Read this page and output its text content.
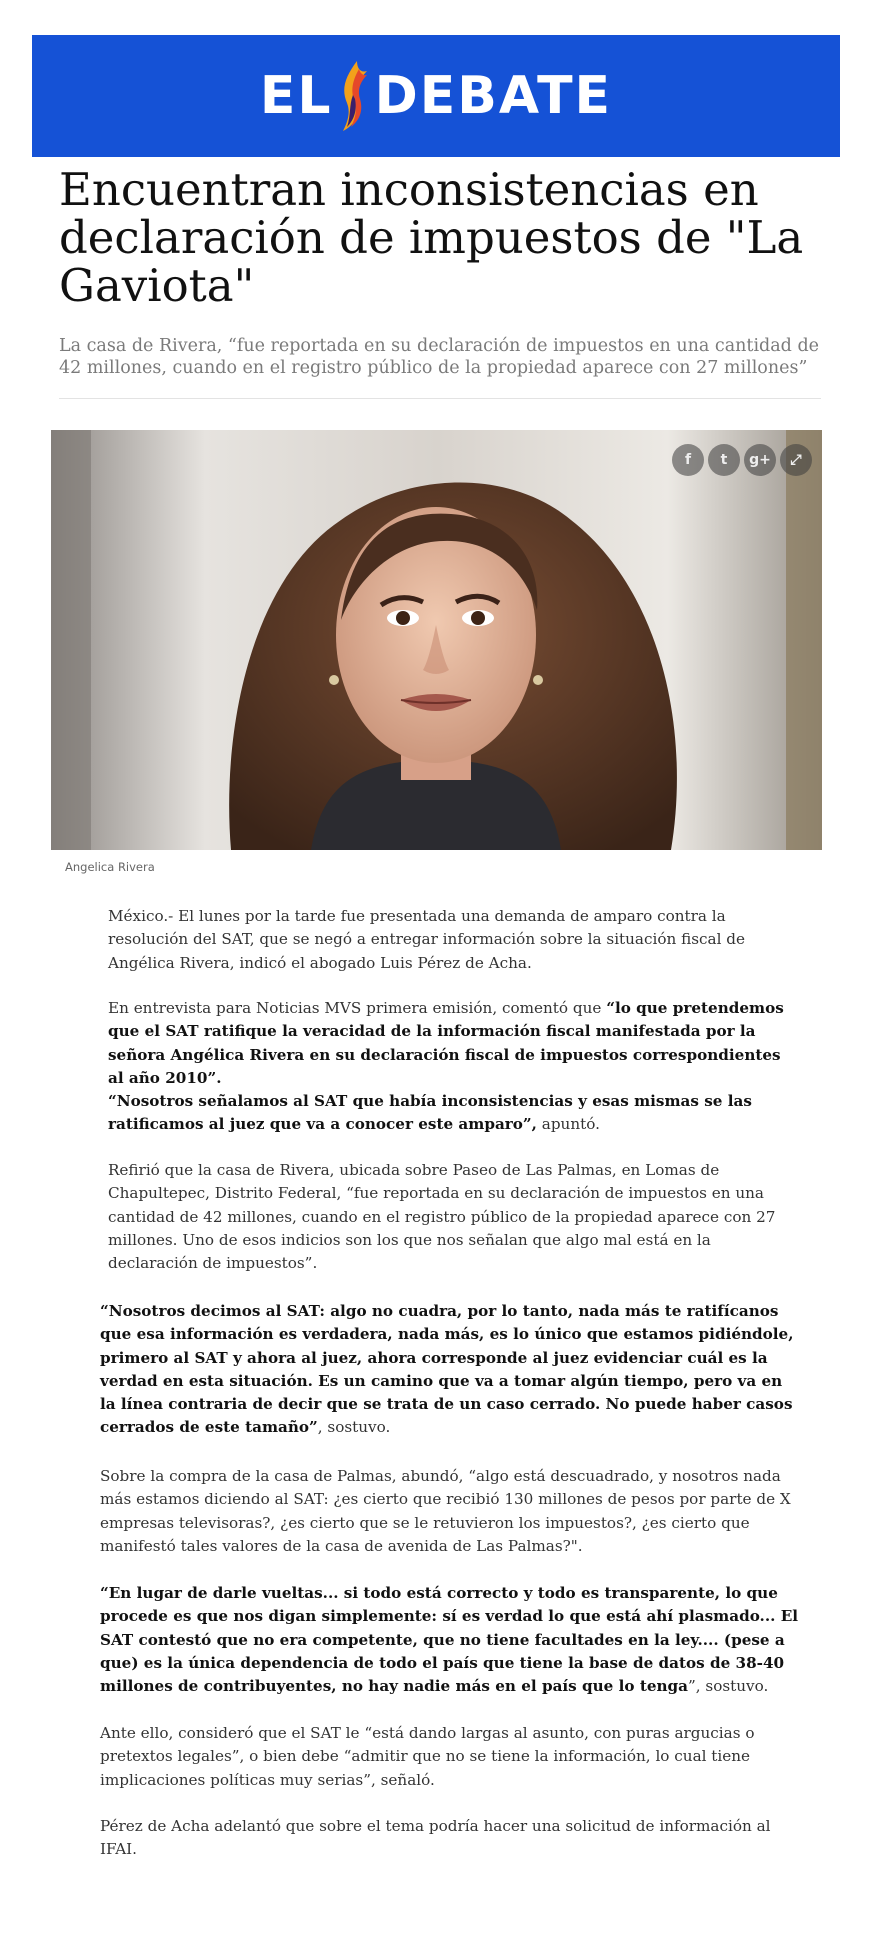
EL DEBATE
Encuentran inconsistencias en declaración de impuestos de "La Gaviota"
La casa de Rivera, “fue reportada en su declaración de impuestos en una cantidad de 42 millones, cuando en el registro público de la propiedad aparece con 27 millones”
f	t	g+	⤢
Angelica Rivera

México.- El lunes por la tarde fue presentada una demanda de amparo contra la resolución del SAT, que se negó a entregar información sobre la situación fiscal de Angélica Rivera, indicó el abogado Luis Pérez de Acha.

En entrevista para Noticias MVS primera emisión, comentó que “lo que pretendemos que el SAT ratifique la veracidad de la información fiscal manifestada por la señora Angélica Rivera en su declaración fiscal de impuestos correspondientes al año 2010”.

“Nosotros señalamos al SAT que había inconsistencias y esas mismas se las ratificamos al juez que va a conocer este amparo”, apuntó.

Refirió que la casa de Rivera, ubicada sobre Paseo de Las Palmas, en Lomas de Chapultepec, Distrito Federal, “fue reportada en su declaración de impuestos en una cantidad de 42 millones, cuando en el registro público de la propiedad aparece con 27 millones. Uno de esos indicios son los que nos señalan que algo mal está en la declaración de impuestos”.

“Nosotros decimos al SAT: algo no cuadra, por lo tanto, nada más te ratifícanos que esa información es verdadera, nada más, es lo único que estamos pidiéndole, primero al SAT y ahora al juez, ahora corresponde al juez evidenciar cuál es la verdad en esta situación. Es un camino que va a tomar algún tiempo, pero va en la línea contraria de decir que se trata de un caso cerrado. No puede haber casos cerrados de este tamaño”, sostuvo.

Sobre la compra de la casa de Palmas, abundó, “algo está descuadrado, y nosotros nada más estamos diciendo al SAT: ¿es cierto que recibió 130 millones de pesos por parte de X empresas televisoras?, ¿es cierto que se le retuvieron los impuestos?, ¿es cierto que manifestó tales valores de la casa de avenida de Las Palmas?".

“En lugar de darle vueltas... si todo está correcto y todo es transparente, lo que procede es que nos digan simplemente: sí es verdad lo que está ahí plasmado... El SAT contestó que no era competente, que no tiene facultades en la ley.... (pese a que) es la única dependencia de todo el país que tiene la base de datos de 38-40 millones de contribuyentes, no hay nadie más en el país que lo tenga”, sostuvo.

Ante ello, consideró que el SAT le “está dando largas al asunto, con puras argucias o pretextos legales”, o bien debe “admitir que no se tiene la información, lo cual tiene implicaciones políticas muy serias”, señaló.

Pérez de Acha adelantó que sobre el tema podría hacer una solicitud de información al IFAI.
